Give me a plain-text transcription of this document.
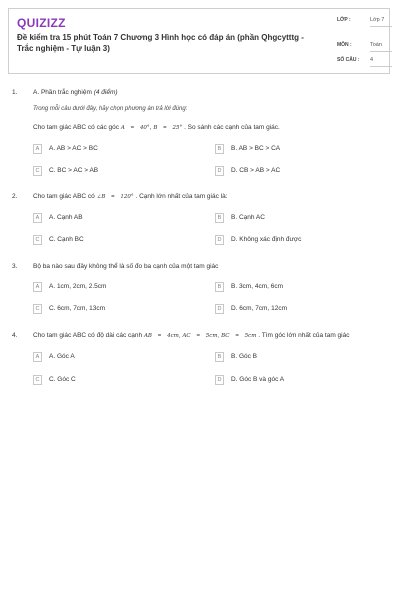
QUIZIZZ
Đề kiểm tra 15 phút Toán 7 Chương 3 Hình học có đáp án (phần Qhgcytttg - Trắc nghiệm - Tự luận 3)
LỚP :	Lớp 7
MÔN :	Toán
SỐ CÂU : 4
1. A. Phần trắc nghiệm (4 điểm)
Trong mỗi câu dưới đây, hãy chọn phương án trả lời đúng:
Cho tam giác ABC có các góc A = 40°, B = 25° . So sánh các cạnh của tam giác.
A	A. AB > AC > BC	B	B. AB > BC > CA
C	C. BC > AC > AB	D	D. CB > AB > AC
2. Cho tam giác ABC có ∠B = 120° . Cạnh lớn nhất của tam giác là:
A	A. Cạnh AB	B	B. Cạnh AC
C	C. Cạnh BC	D	D. Không xác định được
3. Bộ ba nào sau đây không thể là số đo ba cạnh của một tam giác
A	A. 1cm, 2cm, 2.5cm	B	B. 3cm, 4cm, 6cm
C	C. 6cm, 7cm, 13cm	D	D. 6cm, 7cm, 12cm
4. Cho tam giác ABC có độ dài các cạnh AB = 4cm, AC = 5cm, BC = 5cm . Tìm góc lớn nhất của tam giác
A	A. Góc A	B	B. Góc B
C	C. Góc C	D	D. Góc B và góc A
